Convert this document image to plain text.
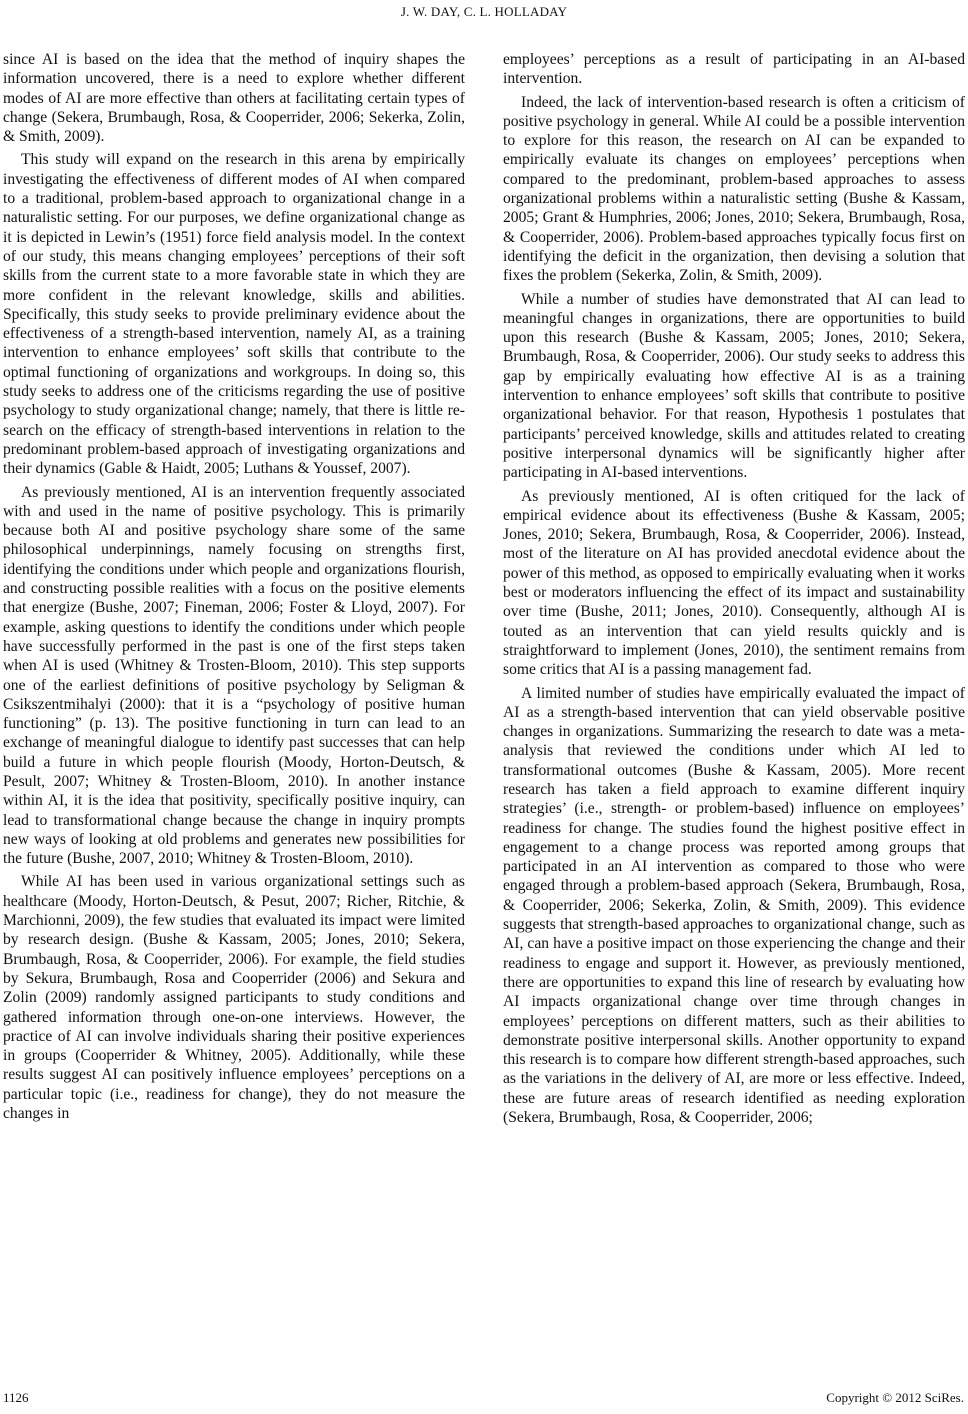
J. W. DAY, C. L. HOLLADAY

since AI is based on the idea that the method of inquiry shapes the information uncovered, there is a need to explore whether different modes of AI are more effective than others at facilitating certain types of change (Sekera, Brumbaugh, Rosa, & Cooperrider, 2006; Sekerka, Zolin, & Smith, 2009).

This study will expand on the research in this arena by empirically investigating the effectiveness of different modes of AI when compared to a traditional, problem-based approach to organizational change in a naturalistic setting. For our purposes, we define organizational change as it is depicted in Lewin’s (1951) force field analysis model. In the context of our study, this means changing employees’ perceptions of their soft skills from the current state to a more favorable state in which they are more confident in the relevant knowledge, skills and abilities. Specifically, this study seeks to provide preliminary evidence about the effectiveness of a strength-based intervention, namely AI, as a training intervention to enhance employees’ soft skills that contribute to the optimal functioning of organizations and workgroups. In doing so, this study seeks to address one of the criticisms regarding the use of positive psychology to study organizational change; namely, that there is little research on the efficacy of strength-based interventions in relation to the predominant problem-based approach of investigating organizations and their dynamics (Gable & Haidt, 2005; Luthans & Youssef, 2007).

As previously mentioned, AI is an intervention frequently associated with and used in the name of positive psychology. This is primarily because both AI and positive psychology share some of the same philosophical underpinnings, namely focusing on strengths first, identifying the conditions under which people and organizations flourish, and constructing possible realities with a focus on the positive elements that energize (Bushe, 2007; Fineman, 2006; Foster & Lloyd, 2007). For example, asking questions to identify the conditions under which people have successfully performed in the past is one of the first steps taken when AI is used (Whitney & Trosten-Bloom, 2010). This step supports one of the earliest definitions of positive psychology by Seligman & Csikszentmihalyi (2000): that it is a “psychology of positive human functioning” (p. 13). The positive functioning in turn can lead to an exchange of meaningful dialogue to identify past successes that can help build a future in which people flourish (Moody, Horton-Deutsch, & Pesult, 2007; Whitney & Trosten-Bloom, 2010). In another instance within AI, it is the idea that positivity, specifically positive inquiry, can lead to transformational change because the change in inquiry prompts new ways of looking at old problems and generates new possibilities for the future (Bushe, 2007, 2010; Whitney & Trosten-Bloom, 2010).

While AI has been used in various organizational settings such as healthcare (Moody, Horton-Deutsch, & Pesut, 2007; Richer, Ritchie, & Marchionni, 2009), the few studies that evaluated its impact were limited by research design. (Bushe & Kassam, 2005; Jones, 2010; Sekera, Brumbaugh, Rosa, & Cooperrider, 2006). For example, the field studies by Sekura, Brumbaugh, Rosa and Cooperrider (2006) and Sekura and Zolin (2009) randomly assigned participants to study conditions and gathered information through one-on-one interviews. However, the practice of AI can involve individuals sharing their positive experiences in groups (Cooperrider & Whitney, 2005). Additionally, while these results suggest AI can positively influence employees’ perceptions on a particular topic (i.e., readiness for change), they do not measure the changes in

employees’ perceptions as a result of participating in an AI-based intervention.

Indeed, the lack of intervention-based research is often a criticism of positive psychology in general. While AI could be a possible intervention to explore for this reason, the research on AI can be expanded to empirically evaluate its changes on employees’ perceptions when compared to the predominant, problem-based approaches to assess organizational problems within a naturalistic setting (Bushe & Kassam, 2005; Grant & Humphries, 2006; Jones, 2010; Sekera, Brumbaugh, Rosa, & Cooperrider, 2006). Problem-based approaches typically focus first on identifying the deficit in the organization, then devising a solution that fixes the problem (Sekerka, Zolin, & Smith, 2009).

While a number of studies have demonstrated that AI can lead to meaningful changes in organizations, there are opportunities to build upon this research (Bushe & Kassam, 2005; Jones, 2010; Sekera, Brumbaugh, Rosa, & Cooperrider, 2006). Our study seeks to address this gap by empirically evaluating how effective AI is as a training intervention to enhance employees’ soft skills that contribute to positive organizational behavior. For that reason, Hypothesis 1 postulates that participants’ perceived knowledge, skills and attitudes related to creating positive interpersonal dynamics will be significantly higher after participating in AI-based interventions.

As previously mentioned, AI is often critiqued for the lack of empirical evidence about its effectiveness (Bushe & Kassam, 2005; Jones, 2010; Sekera, Brumbaugh, Rosa, & Cooperrider, 2006). Instead, most of the literature on AI has provided anecdotal evidence about the power of this method, as opposed to empirically evaluating when it works best or moderators influencing the effect of its impact and sustainability over time (Bushe, 2011; Jones, 2010). Consequently, although AI is touted as an intervention that can yield results quickly and is straightforward to implement (Jones, 2010), the sentiment remains from some critics that AI is a passing management fad.

A limited number of studies have empirically evaluated the impact of AI as a strength-based intervention that can yield observable positive changes in organizations. Summarizing the research to date was a meta-analysis that reviewed the conditions under which AI led to transformational outcomes (Bushe & Kassam, 2005). More recent research has taken a field approach to examine different inquiry strategies’ (i.e., strength- or problem-based) influence on employees’ readiness for change. The studies found the highest positive effect in engagement to a change process was reported among groups that participated in an AI intervention as compared to those who were engaged through a problem-based approach (Sekera, Brumbaugh, Rosa, & Cooperrider, 2006; Sekerka, Zolin, & Smith, 2009). This evidence suggests that strength-based approaches to organizational change, such as AI, can have a positive impact on those experiencing the change and their readiness to engage and support it. However, as previously mentioned, there are opportunities to expand this line of research by evaluating how AI impacts organizational change over time through changes in employees’ perceptions on different matters, such as their abilities to demonstrate positive interpersonal skills. Another opportunity to expand this research is to compare how different strength-based approaches, such as the variations in the delivery of AI, are more or less effective. Indeed, these are future areas of research identified as needing exploration (Sekera, Brumbaugh, Rosa, & Cooperrider, 2006;

1126	Copyright © 2012 SciRes.
